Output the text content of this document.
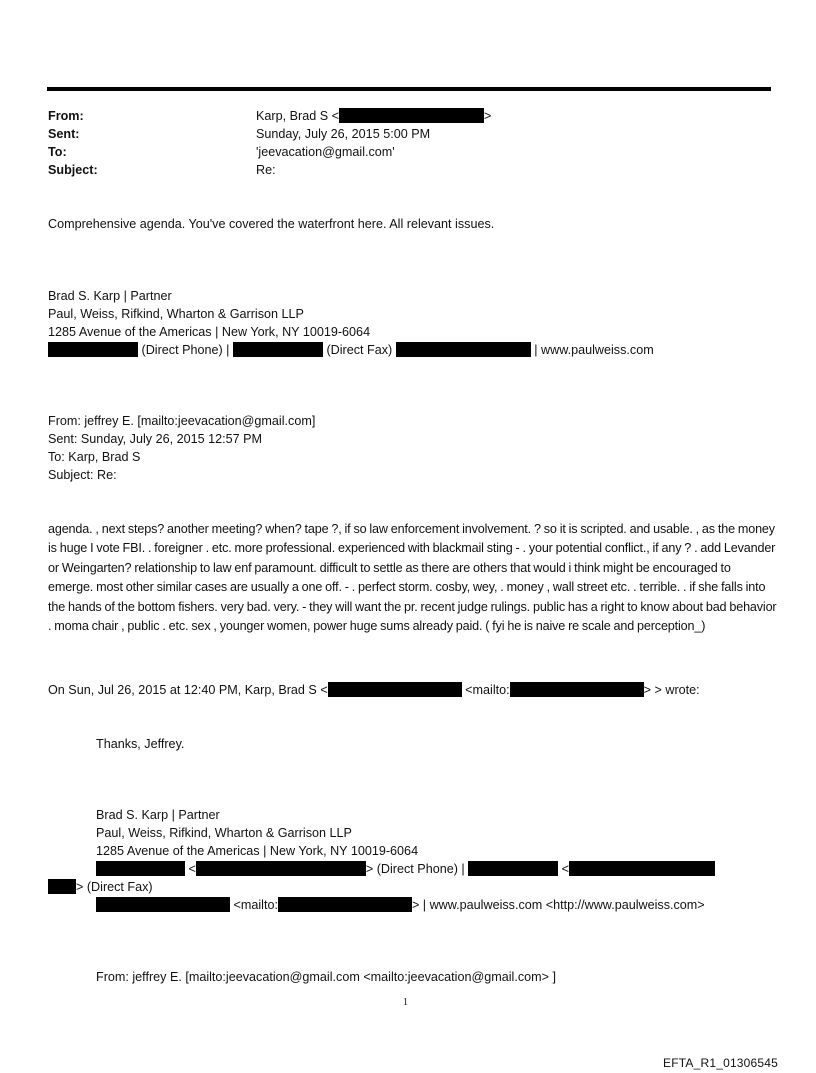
From:	Karp, Brad S <	>
Sent:	Sunday, July 26, 2015 5:00 PM
To:	'jeevacation@gmail.com'
Subject:	Re:
Comprehensive agenda. You've covered the waterfront here. All relevant issues.
Brad S. Karp | Partner
Paul, Weiss, Rifkind, Wharton & Garrison LLP
1285 Avenue of the Americas | New York, NY 10019-6064
(Direct Phone) |	(Direct Fax)	| www.paulweiss.com
From: jeffrey E. [mailto:jeevacation@gmail.com]
Sent: Sunday, July 26, 2015 12:57 PM
To: Karp, Brad S
Subject: Re:
agenda. , next steps? another meeting? when? tape ?, if so law enforcement involvement. ? so it is scripted. and usable. , as the money is huge I vote FBI. . foreigner . etc. more professional. experienced with blackmail sting - . your potential conflict., if any ? . add Levander or Weingarten? relationship to law enf paramount. difficult to settle as there are others that would i think might be encouraged to emerge. most other similar cases are usually a one off. - . perfect storm. cosby, wey, . money , wall street etc. . terrible. . if she falls into the hands of the bottom fishers. very bad. very. - they will want the pr. recent judge rulings. public has a right to know about bad behavior . moma chair , public . etc. sex , younger women, power huge sums already paid. ( fyi he is naive re scale and perception_)
On Sun, Jul 26, 2015 at 12:40 PM, Karp, Brad S <	<mailto:	> > wrote:
Thanks, Jeffrey.
Brad S. Karp | Partner
Paul, Weiss, Rifkind, Wharton & Garrison LLP
1285 Avenue of the Americas | New York, NY 10019-6064
<	> (Direct Phone) |	<
> (Direct Fax)
<mailto:	> | www.paulweiss.com <http://www.paulweiss.com>
From: jeffrey E. [mailto:jeevacation@gmail.com <mailto:jeevacation@gmail.com> ]
1
EFTA_R1_01306545
